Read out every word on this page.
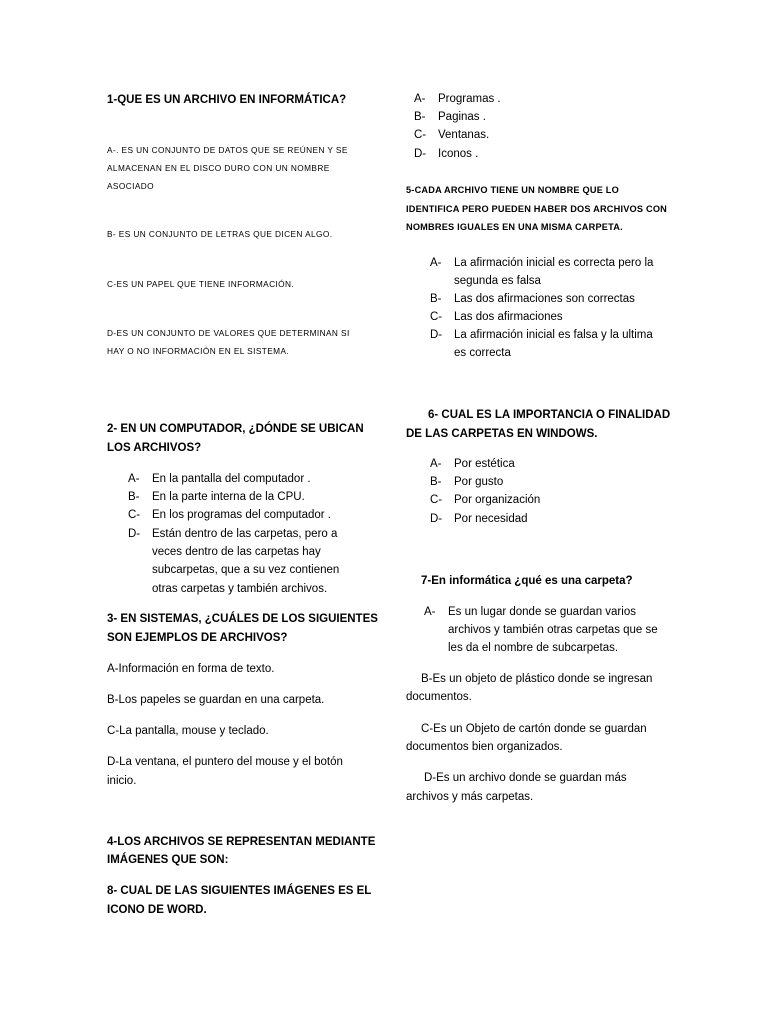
1-QUE ES UN ARCHIVO EN INFORMÁTICA?
A-. ES UN CONJUNTO DE DATOS QUE SE REÚNEN Y SE
ALMACENAN EN EL DISCO DURO CON UN NOMBRE
ASOCIADO
B- ES UN CONJUNTO DE LETRAS QUE DICEN ALGO.
C-ES UN PAPEL QUE TIENE INFORMACIÓN.
D-ES UN CONJUNTO DE VALORES QUE DETERMINAN SI
HAY O NO INFORMACIÓN EN EL SISTEMA.
2- EN UN COMPUTADOR, ¿DÓNDE SE UBICAN
LOS ARCHIVOS?
A- En la pantalla del computador .
B- En la parte interna de la CPU.
C- En los programas del computador .
D- Están dentro de las carpetas, pero a
veces dentro de las carpetas hay
subcarpetas, que a su vez contienen
otras carpetas y también archivos.
3- EN SISTEMAS, ¿CUÁLES DE LOS SIGUIENTES
SON EJEMPLOS DE ARCHIVOS?
A-Información en forma de texto.
B-Los papeles se guardan en una carpeta.
C-La pantalla, mouse y teclado.
D-La ventana, el puntero del mouse y el botón
inicio.
4-LOS ARCHIVOS SE REPRESENTAN MEDIANTE
IMÁGENES QUE SON:
8- CUAL DE LAS SIGUIENTES IMÁGENES ES EL
ICONO DE WORD.
A- Programas .
B- Paginas .
C- Ventanas.
D- Iconos .
5-CADA ARCHIVO TIENE UN NOMBRE QUE LO
IDENTIFICA PERO PUEDEN HABER DOS ARCHIVOS CON
NOMBRES IGUALES EN UNA MISMA CARPETA.
A- La afirmación inicial es correcta pero la
segunda es falsa
B- Las dos afirmaciones son correctas
C- Las dos afirmaciones
D- La afirmación inicial es falsa y la ultima
es correcta
6- CUAL ES LA IMPORTANCIA O FINALIDAD
DE LAS CARPETAS EN WINDOWS.
A- Por estética
B- Por gusto
C- Por organización
D- Por necesidad
7-En informática ¿qué es una carpeta?
A- Es un lugar donde se guardan varios
archivos y también otras carpetas que se
les da el nombre de subcarpetas.
B-Es un objeto de plástico donde se ingresan
documentos.
C-Es un Objeto de cartón donde se guardan
documentos bien organizados.
D-Es un archivo donde se guardan más
archivos y más carpetas.
